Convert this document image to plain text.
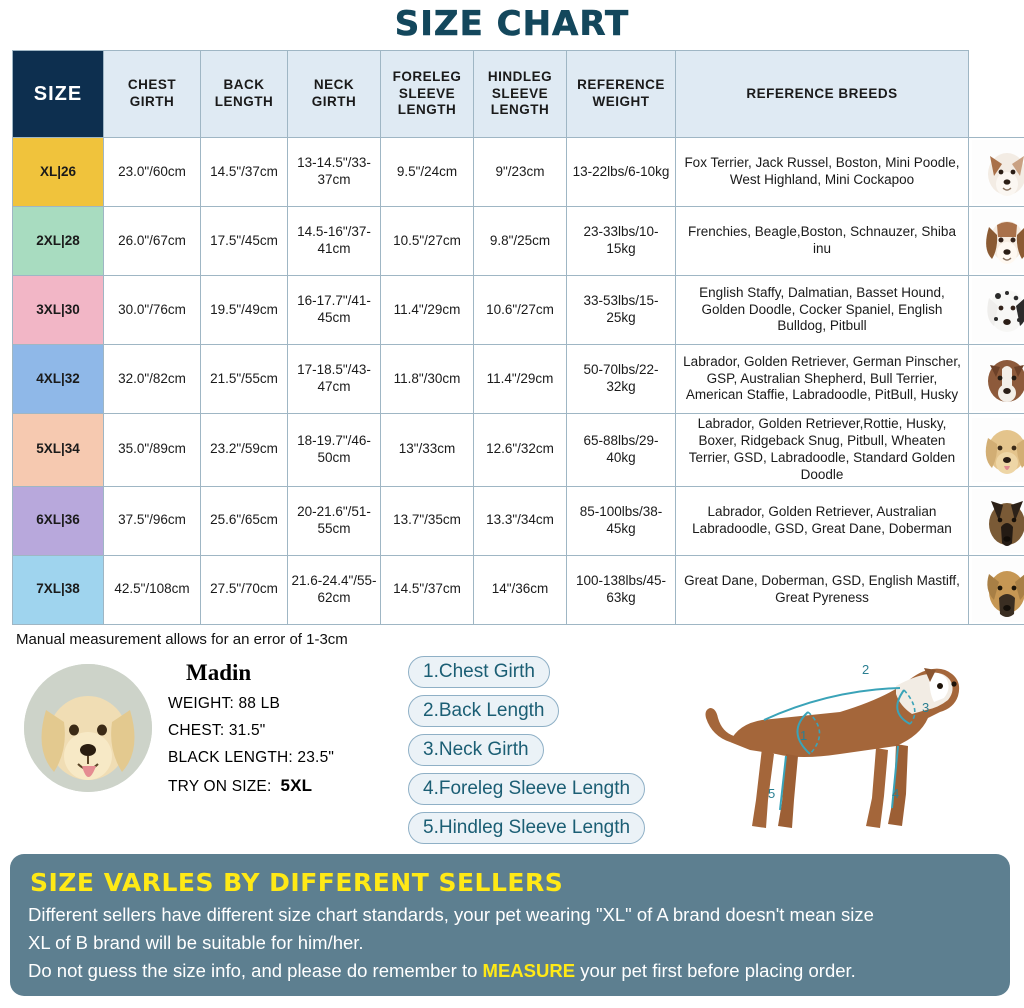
SIZE CHART
SIZE	CHEST GIRTH	BACK LENGTH	NECK GIRTH	FORELEG SLEEVE LENGTH	HINDLEG SLEEVE LENGTH	REFERENCE WEIGHT	REFERENCE BREEDS	
XL|26	23.0"/60cm	14.5"/37cm	13-14.5"/33-37cm	9.5"/24cm	9"/23cm	13-22lbs/6-10kg	Fox Terrier, Jack Russel, Boston, Mini Poodle, West Highland, Mini Cockapoo	

2XL|28	26.0"/67cm	17.5"/45cm	14.5-16"/37-41cm	10.5"/27cm	9.8"/25cm	23-33lbs/10-15kg	Frenchies, Beagle,Boston, Schnauzer, Shiba inu	

3XL|30	30.0"/76cm	19.5"/49cm	16-17.7"/41-45cm	11.4"/29cm	10.6"/27cm	33-53lbs/15-25kg	English Staffy, Dalmatian, Basset Hound, Golden Doodle, Cocker Spaniel, English Bulldog, Pitbull	

4XL|32	32.0"/82cm	21.5"/55cm	17-18.5"/43-47cm	11.8"/30cm	11.4"/29cm	50-70lbs/22-32kg	Labrador, Golden Retriever, German Pinscher, GSP, Australian Shepherd, Bull Terrier, American Staffie, Labradoodle, PitBull, Husky	

5XL|34	35.0"/89cm	23.2"/59cm	18-19.7"/46-50cm	13"/33cm	12.6"/32cm	65-88lbs/29-40kg	Labrador, Golden Retriever,Rottie, Husky, Boxer, Ridgeback Snug, Pitbull, Wheaten Terrier, GSD, Labradoodle, Standard Golden Doodle	

6XL|36	37.5"/96cm	25.6"/65cm	20-21.6"/51-55cm	13.7"/35cm	13.3"/34cm	85-100lbs/38-45kg	Labrador, Golden Retriever, Australian Labradoodle, GSD, Great Dane, Doberman	

7XL|38	42.5"/108cm	27.5"/70cm	21.6-24.4"/55-62cm	14.5"/37cm	14"/36cm	100-138lbs/45-63kg	Great Dane, Doberman, GSD, English Mastiff, Great Pyreness	
Manual measurement allows for an error of 1-3cm
Madin
WEIGHT: 88 LB
CHEST: 31.5"
BLACK LENGTH: 23.5"
TRY ON SIZE: 5XL
1.Chest Girth
2.Back Length
3.Neck Girth
4.Foreleg Sleeve Length
5.Hindleg Sleeve Length
1
2
3
4
5
SIZE VARLES BY DIFFERENT SELLERS

Different sellers have different size chart standards, your pet wearing "XL" of A brand doesn't mean size

XL of B brand will be suitable for him/her.

Do not guess the size info, and please do remember to MEASURE your pet first before placing order.
